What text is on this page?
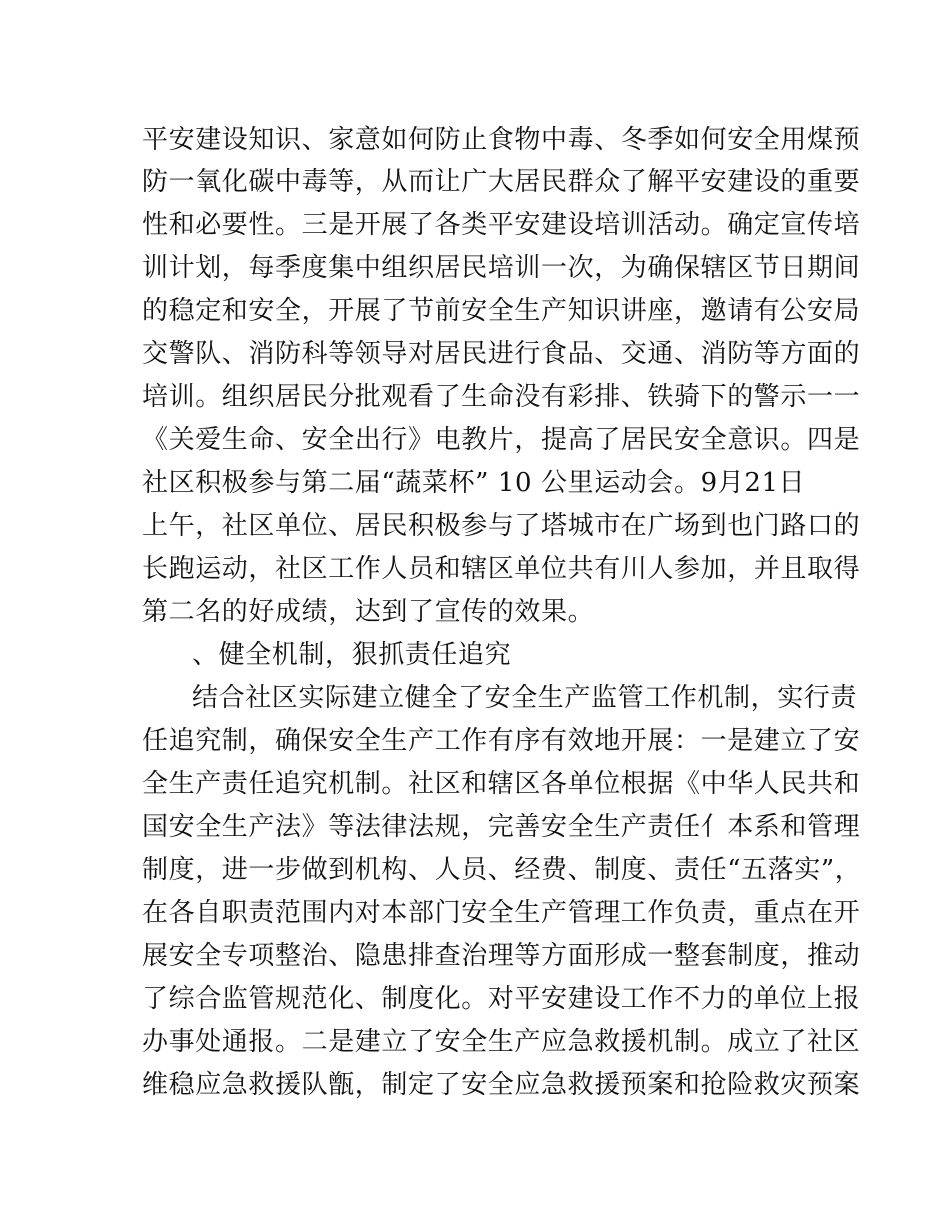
平安建设知识、家意如何防止食物中毒、冬季如何安全用煤预
防一氧化碳中毒等，从而让广大居民群众了解平安建设的重要
性和必要性。三是开展了各类平安建设培训活动。确定宣传培
训计划，每季度集中组织居民培训一次，为确保辖区节日期间
的稳定和安全，开展了节前安全生产知识讲座，邀请有公安局
交警队、消防科等领导对居民进行食品、交通、消防等方面的
培训。组织居民分批观看了生命没有彩排、铁骑下的警示一一
《关爱生命、安全出行》电教片，提高了居民安全意识。四是
社区积极参与第二届“蔬菜杯” 10 公里运动会。9月21日
上午，社区单位、居民积极参与了塔城市在广场到也门路口的
长跑运动，社区工作人员和辖区单位共有川人参加，并且取得
第二名的好成绩，达到了宣传的效果。
、健全机制，狠抓责任追究
结合社区实际建立健全了安全生产监管工作机制，实行责
任追究制，确保安全生产工作有序有效地开展：一是建立了安
全生产责任追究机制。社区和辖区各单位根据《中华人民共和
国安全生产法》等法律法规，完善安全生产责任亻本系和管理
制度，进一步做到机构、人员、经费、制度、责任“五落实”，
在各自职责范围内对本部门安全生产管理工作负责，重点在开
展安全专项整治、隐患排查治理等方面形成一整套制度，推动
了综合监管规范化、制度化。对平安建设工作不力的单位上报
办事处通报。二是建立了安全生产应急救援机制。成立了社区
维稳应急救援队甑，制定了安全应急救援预案和抢险救灾预案
